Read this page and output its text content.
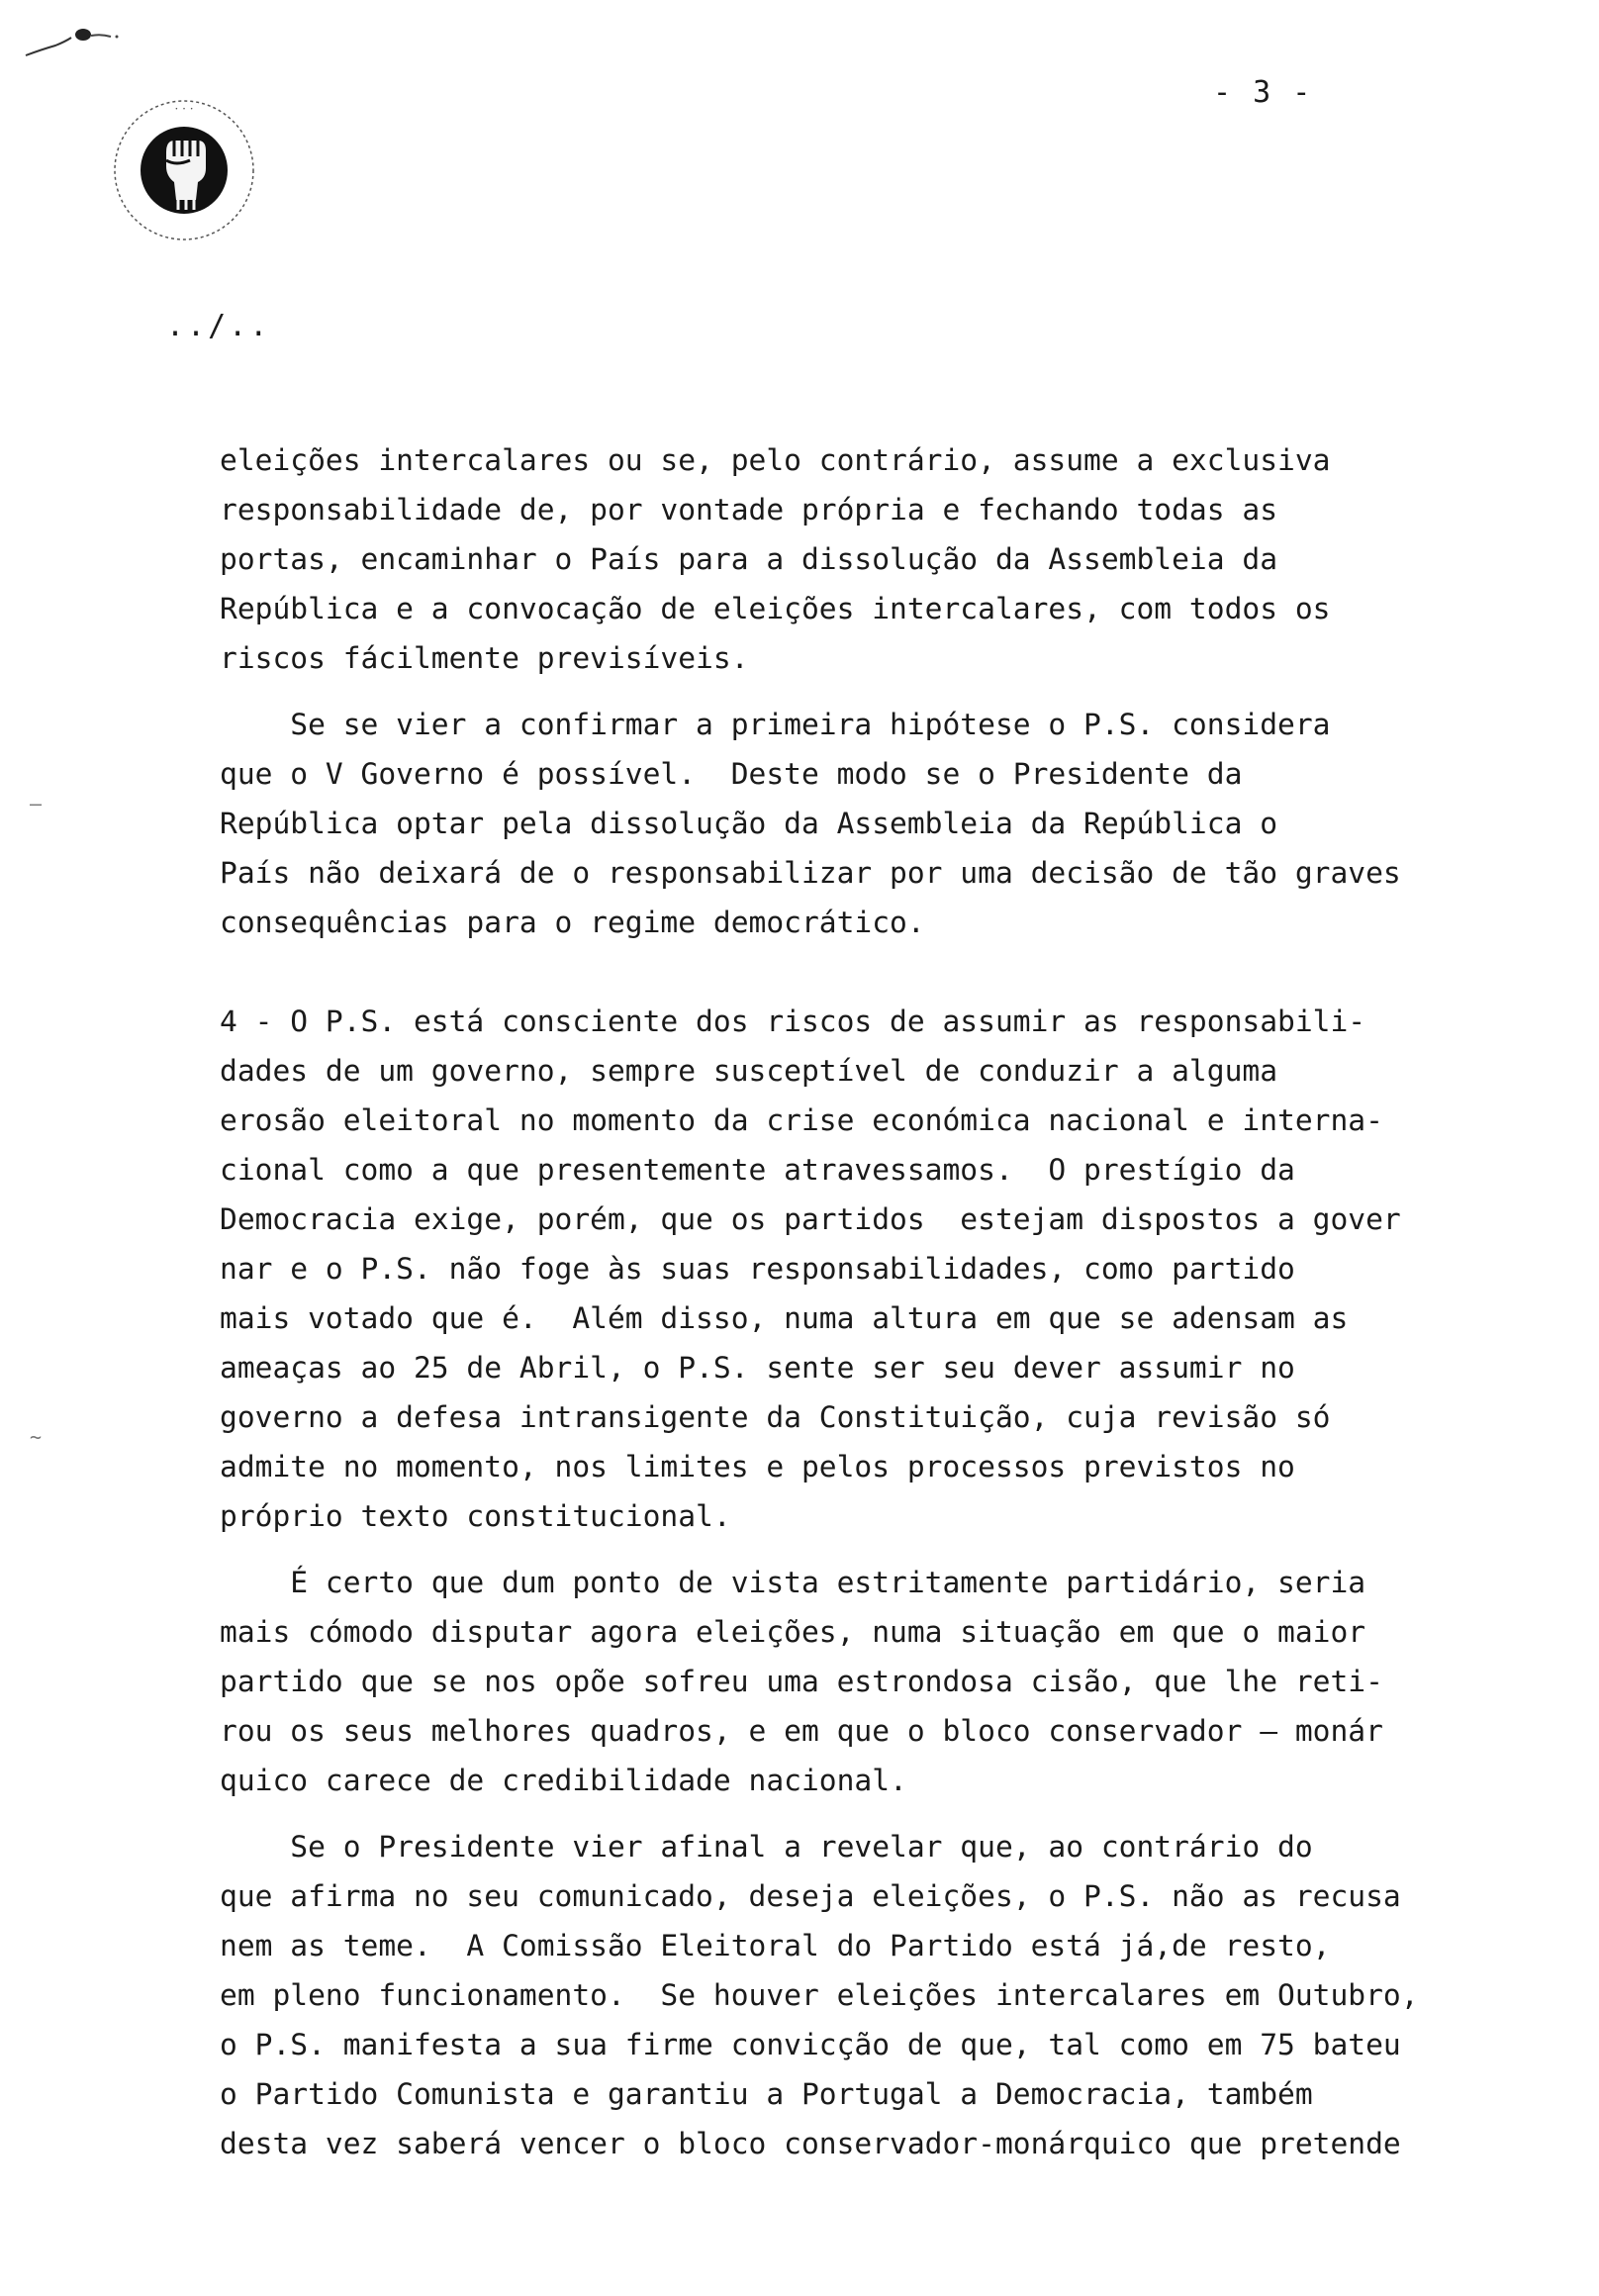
· · ·	- 3 -
../..
eleições intercalares ou se, pelo contrário, assume a exclusiva
responsabilidade de, por vontade própria e fechando todas as
portas, encaminhar o País para a dissolução da Assembleia da
República e a convocação de eleições intercalares, com todos os
riscos fácilmente previsíveis.
Se se vier a confirmar a primeira hipótese o P.S. considera
que o V Governo é possível.  Deste modo se o Presidente da
República optar pela dissolução da Assembleia da República o
País não deixará de o responsabilizar por uma decisão de tão graves
consequências para o regime democrático.
4 - O P.S. está consciente dos riscos de assumir as responsabili-
dades de um governo, sempre susceptível de conduzir a alguma
erosão eleitoral no momento da crise económica nacional e interna-
cional como a que presentemente atravessamos.  O prestígio da
Democracia exige, porém, que os partidos  estejam dispostos a gover
nar e o P.S. não foge às suas responsabilidades, como partido
mais votado que é.  Além disso, numa altura em que se adensam as
ameaças ao 25 de Abril, o P.S. sente ser seu dever assumir no
governo a defesa intransigente da Constituição, cuja revisão só
admite no momento, nos limites e pelos processos previstos no
próprio texto constitucional.
É certo que dum ponto de vista estritamente partidário, seria
mais cómodo disputar agora eleições, numa situação em que o maior
partido que se nos opõe sofreu uma estrondosa cisão, que lhe reti-
rou os seus melhores quadros, e em que o bloco conservador — monár
quico carece de credibilidade nacional.
Se o Presidente vier afinal a revelar que, ao contrário do
que afirma no seu comunicado, deseja eleições, o P.S. não as recusa
nem as teme.  A Comissão Eleitoral do Partido está já,de resto,
em pleno funcionamento.  Se houver eleições intercalares em Outubro,
o P.S. manifesta a sua firme convicção de que, tal como em 75 bateu
o Partido Comunista e garantiu a Portugal a Democracia, também
desta vez saberá vencer o bloco conservador-monárquico que pretende
—
~
